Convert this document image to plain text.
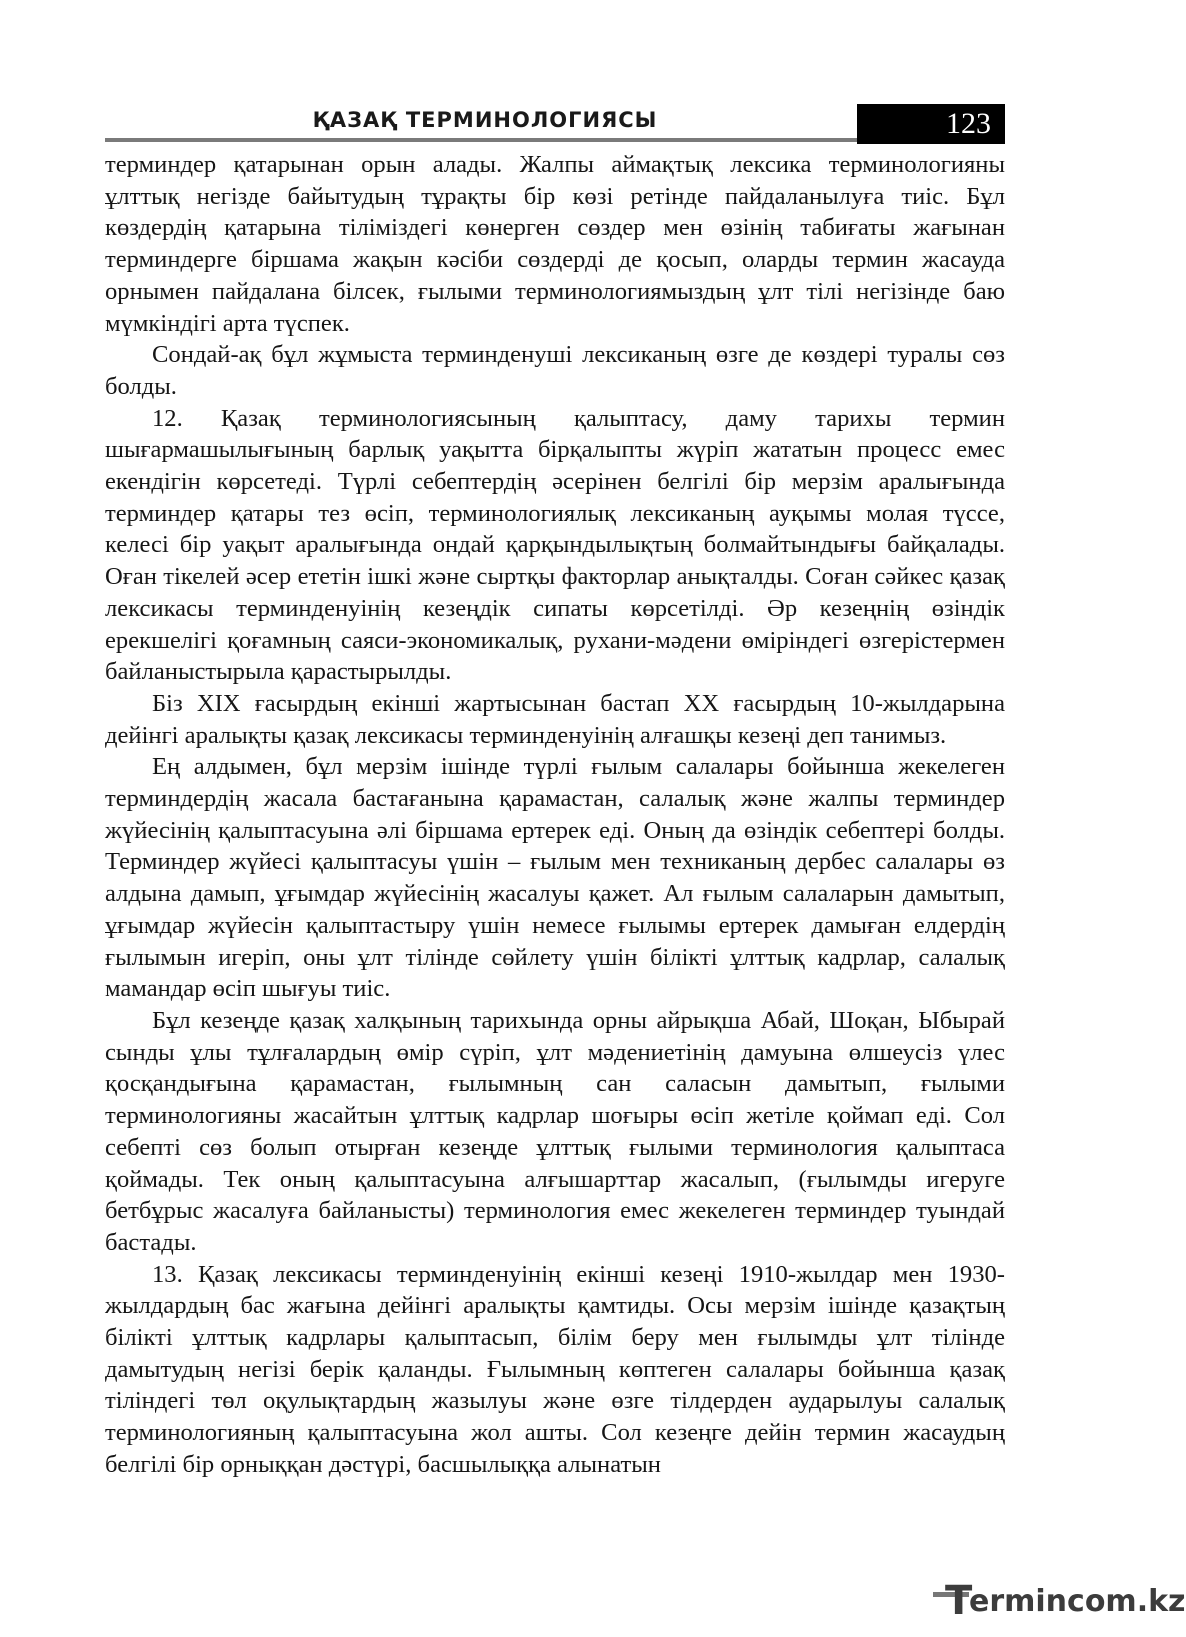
ҚАЗАҚ ТЕРМИНОЛОГИЯСЫ	123

терминдер қатарынан орын алады. Жалпы аймақтық лексика терминологияны ұлттық негізде байытудың тұрақты бір көзі ретінде пайдаланылуға тиіс. Бұл көздердің қатарына тіліміздегі көнерген сөздер мен өзінің табиғаты жағынан терминдерге біршама жақын кәсіби сөздерді де қосып, оларды термин жасауда орнымен пайдалана білсек, ғылыми терминологиямыздың ұлт тілі негізінде баю мүмкіндігі арта түспек.

Сондай-ақ бұл жұмыста терминденуші лексиканың өзге де көздері туралы сөз болды.

12. Қазақ терминологиясының қалыптасу, даму тарихы термин шығармашылығының барлық уақытта бірқалыпты жүріп жататын процесс емес екендігін көрсетеді. Түрлі себептердің әсерінен белгілі бір мерзім аралығында терминдер қатары тез өсіп, терминологиялық лексиканың ауқымы молая түссе, келесі бір уақыт аралығында ондай қарқындылықтың болмайтындығы байқалады. Оған тікелей әсер ететін ішкі және сыртқы факторлар анықталды. Соған сәйкес қазақ лексикасы терминденуінің кезеңдік сипаты көрсетілді. Әр кезеңнің өзіндік ерекшелігі қоғамның саяси-экономикалық, рухани-мәдени өміріндегі өзгерістермен байланыстырыла қарастырылды.

Біз XIX ғасырдың екінші жартысынан бастап XX ғасырдың 10-жылдарына дейінгі аралықты қазақ лексикасы терминденуінің алғашқы кезеңі деп танимыз.

Ең алдымен, бұл мерзім ішінде түрлі ғылым салалары бойынша жекелеген терминдердің жасала бастағанына қарамастан, салалық және жалпы терминдер жүйесінің қалыптасуына әлі біршама ертерек еді. Оның да өзіндік себептері болды. Терминдер жүйесі қалыптасуы үшін – ғылым мен техниканың дербес салалары өз алдына дамып, ұғымдар жүйесінің жасалуы қажет. Ал ғылым салаларын дамытып, ұғымдар жүйесін қалыптастыру үшін немесе ғылымы ертерек дамыған елдердің ғылымын игеріп, оны ұлт тілінде сөйлету үшін білікті ұлттық кадрлар, салалық мамандар өсіп шығуы тиіс.

Бұл кезеңде қазақ халқының тарихында орны айрықша Абай, Шоқан, Ыбырай сынды ұлы тұлғалардың өмір сүріп, ұлт мәдениетінің дамуына өлшеусіз үлес қосқандығына қарамастан, ғылымның сан саласын дамытып, ғылыми терминологияны жасайтын ұлттық кадрлар шоғыры өсіп жетіле қоймап еді. Сол себепті сөз болып отырған кезеңде ұлттық ғылыми терминология қалыптаса қоймады. Тек оның қалыптасуына алғышарттар жасалып, (ғылымды игеруге бетбұрыс жасалуға байланысты) терминология емес жекелеген терминдер туындай бастады.

13. Қазақ лексикасы терминденуінің екінші кезеңі 1910-жылдар мен 1930-жылдардың бас жағына дейінгі аралықты қамтиды. Осы мерзім ішінде қазақтың білікті ұлттық кадрлары қалыптасып, білім беру мен ғылымды ұлт тілінде дамытудың негізі берік қаланды. Ғылымның көптеген салалары бойынша қазақ тіліндегі төл оқулықтардың жазылуы және өзге тілдерден аударылуы салалық терминологияның қалыптасуына жол ашты. Сол кезеңге дейін термин жасаудың белгілі бір орныққан дәстүрі, басшылыққа алынатын

T
ermincom.kz
